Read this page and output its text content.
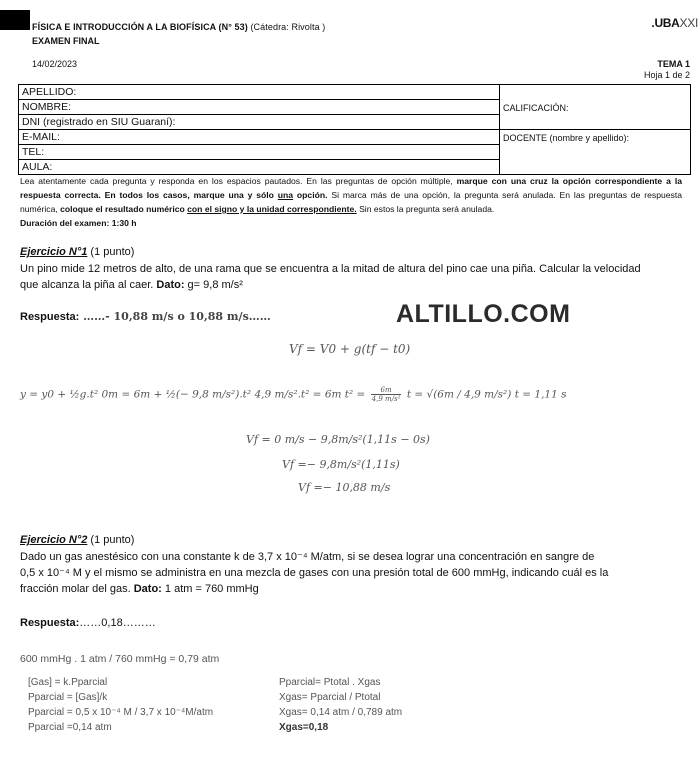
FÍSICA E INTRODUCCIÓN A LA BIOFÍSICA (N° 53) (Cátedra: Rivolta )
EXAMEN FINAL
.UBAXXI
14/02/2023	TEMA 1
Hoja 1 de 2
APELLIDO:	CALIFICACIÓN:
NOMBRE:	
DNI (registrado en SIU Guaraní):	
E-MAIL:	DOCENTE (nombre y apellido):
TEL:	
AULA:	
Lea atentamente cada pregunta y responda en los espacios pautados. En las preguntas de opción múltiple, marque con una cruz la opción correspondiente a la respuesta correcta. En todos los casos, marque una y sólo una opción. Si marca más de una opción, la pregunta será anulada. En las preguntas de respuesta numérica, coloque el resultado numérico con el signo y la unidad correspondiente. Sin estos la pregunta será anulada.
Duración del examen: 1:30 h
Ejercicio N°1 (1 punto)
Un pino mide 12 metros de alto, de una rama que se encuentra a la mitad de altura del pino cae una piña. Calcular la velocidad que alcanza la piña al caer. Dato: g= 9,8 m/s²
Respuesta: ……- 10,88 m/s o 10,88 m/s……	ALTILLO.COM
Vf = V0 + g(tf − t0)
y = y0 + ½g.t² 0m = 6m + ½(− 9,8 m/s²).t² 4,9 m/s².t² = 6m $t^2 = \frac{6m}{\text{4,9 m/s²}}$ t = √(6m / 4,9 m/s²) t = 1,11 s
Vf = 0 m/s − 9,8m/s²(1,11s − 0s)
Vf =− 9,8m/s²(1,11s)
Vf =− 10,88 m/s
Ejercicio N°2 (1 punto)
Dado un gas anestésico con una constante k de 3,7 x 10⁻⁴ M/atm, si se desea lograr una concentración en sangre de
0,5 x 10⁻⁴ M y el mismo se administra en una mezcla de gases con una presión total de 600 mmHg, indicando cuál es la
fracción molar del gas. Dato: 1 atm = 760 mmHg
Respuesta:……0,18………
600 mmHg . 1 atm / 760 mmHg = 0,79 atm
[Gas] = k.Pparcial
Pparcial = [Gas]/k
Pparcial = 0,5 x 10⁻⁴ M / 3,7 x 10⁻⁴M/atm
Pparcial =0,14 atm
Pparcial= Ptotal . Xgas
Xgas= Pparcial / Ptotal
Xgas= 0,14 atm / 0,789 atm
Xgas=0,18
